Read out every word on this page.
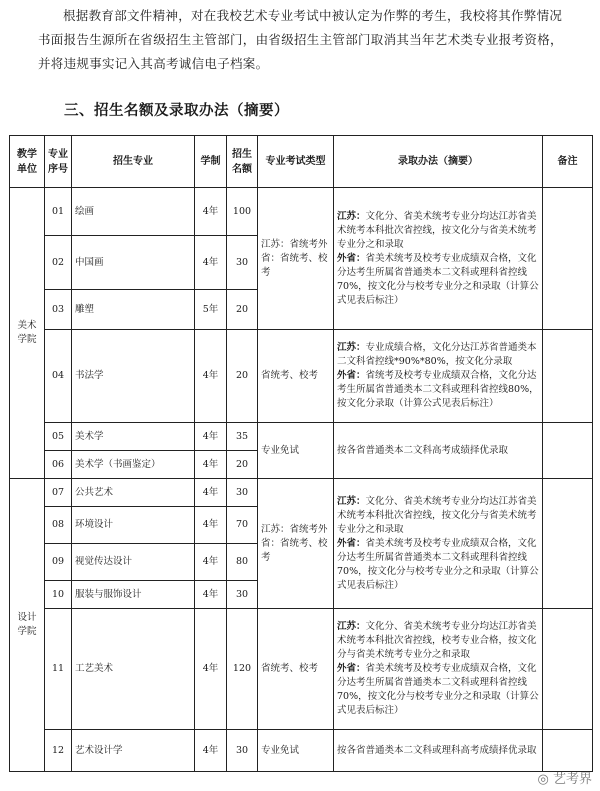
根据教育部文件精神，对在我校艺术专业考试中被认定为作弊的考生，我校将其作弊情况书面报告生源所在省级招生主管部门，由省级招生主管部门取消其当年艺术类专业报考资格，并将违规事实记入其高考诚信电子档案。
三、招生名额及录取办法（摘要）
教学单位	专业序号	招生专业	学制	招生名额	专业考试类型	录取办法（摘要）	备注
美术学院	01	绘画	4年	100	江苏：省统考外省：省统考、校考	江苏：文化分、省美术统考专业分均达江苏省美术统考本科批次省控线，按文化分与省美术统考专业分之和录取
外省：省美术统考及校考专业成绩双合格，文化分达考生所属省普通类本二文科或理科省控线70%，按文化分与校考专业分之和录取（计算公式见表后标注）	
	02	中国画	4年	30			
	03	雕塑	5年	20			
	04	书法学	4年	20	省统考、校考	江苏：专业成绩合格，文化分达江苏省普通类本二文科省控线*90%*80%，按文化分录取
外省：省统考及校考专业成绩双合格，文化分达考生所属省普通类本二文科或理科省控线80%，按文化分录取（计算公式见表后标注）	
	05	美术学	4年	35	专业免试	按各省普通类本二文科高考成绩择优录取	
	06	美术学（书画鉴定）	4年	20			
设计学院	07	公共艺术	4年	30	江苏：省统考外省：省统考、校考	江苏：文化分、省美术统考专业分均达江苏省美术统考本科批次省控线，按文化分与省美术统考专业分之和录取
外省：省美术统考及校考专业成绩双合格，文化分达考生所属省普通类本二文科或理科省控线70%，按文化分与校考专业分之和录取（计算公式见表后标注）	
	08	环境设计	4年	70			
	09	视觉传达设计	4年	80			
	10	服装与服饰设计	4年	30			
	11	工艺美术	4年	120	省统考、校考	江苏：文化分、省美术统考专业分均达江苏省美术统考本科批次省控线，校考专业合格，按文化分与省美术统考专业分之和录取
外省：省美术统考及校考专业成绩双合格，文化分达考生所属省普通类本二文科或理科省控线70%，按文化分与校考专业分之和录取（计算公式见表后标注）	
	12	艺术设计学	4年	30	专业免试	按各省普通类本二文科或理科高考成绩择优录取	
◎ 艺考界
